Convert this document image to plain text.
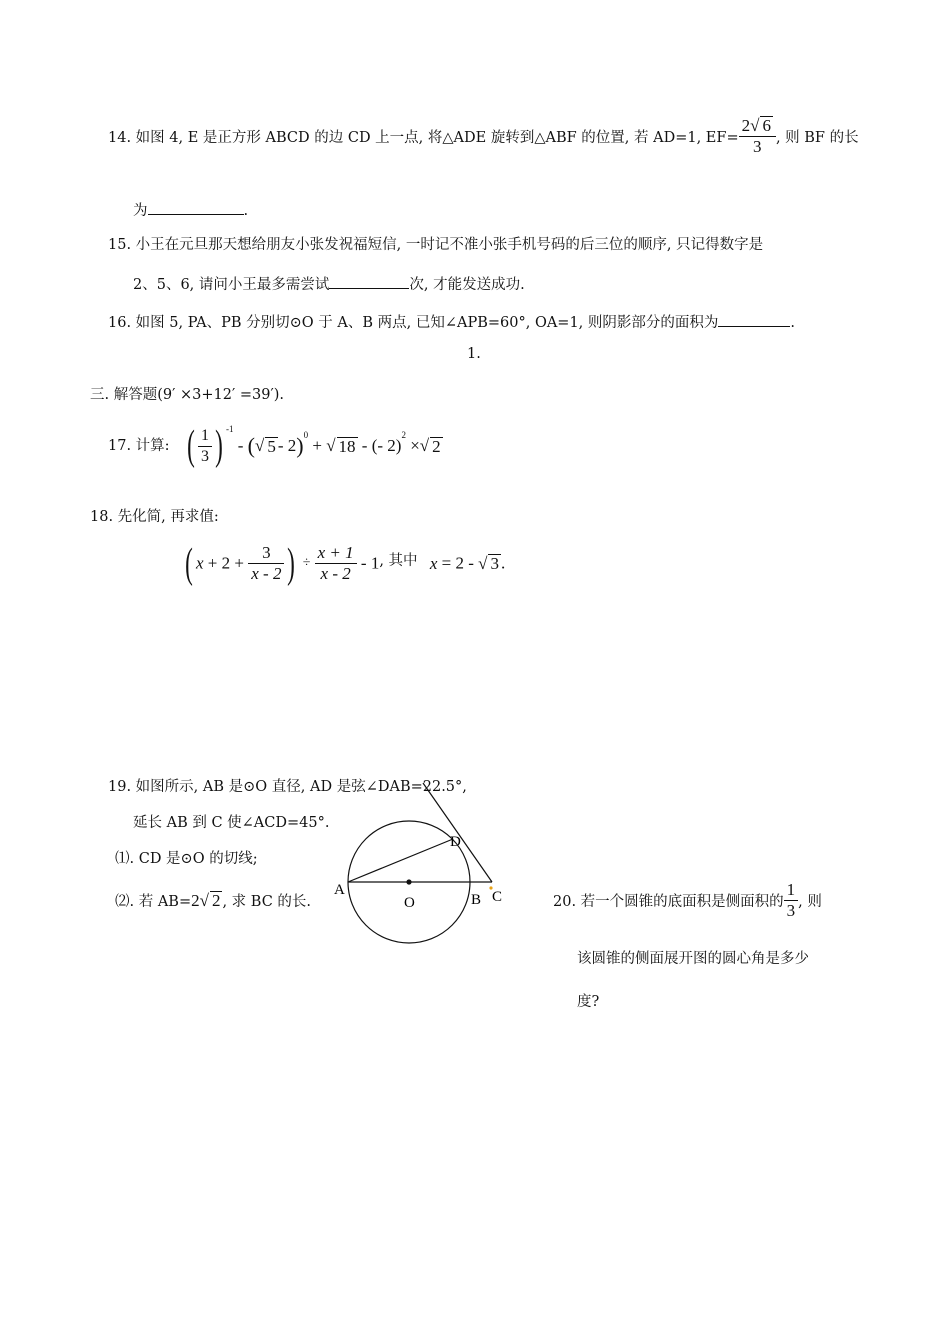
14. 如图 4, E 是正方形 ABCD 的边 CD 上一点, 将△ADE 旋转到△ABF 的位置, 若 AD=1, $EF= \frac{2√ 6}{3}$ , 则 BF 的长
为	.
15. 小王在元旦那天想给朋友小张发祝福短信, 一时记不准小张手机号码的后三位的顺序, 只记得数字是
2、5、6, 请问小王最多需尝试	次, 才能发送成功.
16. 如图 5, PA、PB 分别切⊙O 于 A、B 两点, 已知∠APB=60°, OA=1, 则阴影部分的面积为	.
1.
三. 解答题(9′ ×3+12′ =39′).
17. 计算: ( $\frac{1}{3}$ ) $^{-1}$ - (√ 5 - 2)$^0$ + √ 18 - (- 2)$^2$ ×√ 2
18. 先化简, 再求值:
( $x + 2 + \frac{3}{x - 2}$ ) ÷ $\frac{x + 1}{x - 2} - 1$, 其中 x = 2 - √ 3 .
19. 如图所示, AB 是⊙O 直径, AD 是弦∠DAB=22.5°,
延长 AB 到 C 使∠ACD=45°.
⑴. CD 是⊙O 的切线;
⑵. 若 AB=2√ 2 , 求 BC 的长.
A
O	B C
D
20. 若一个圆锥的底面积是侧面积的 $\frac{1}{3}$ , 则
该圆锥的侧面展开图的圆心角是多少
度?
